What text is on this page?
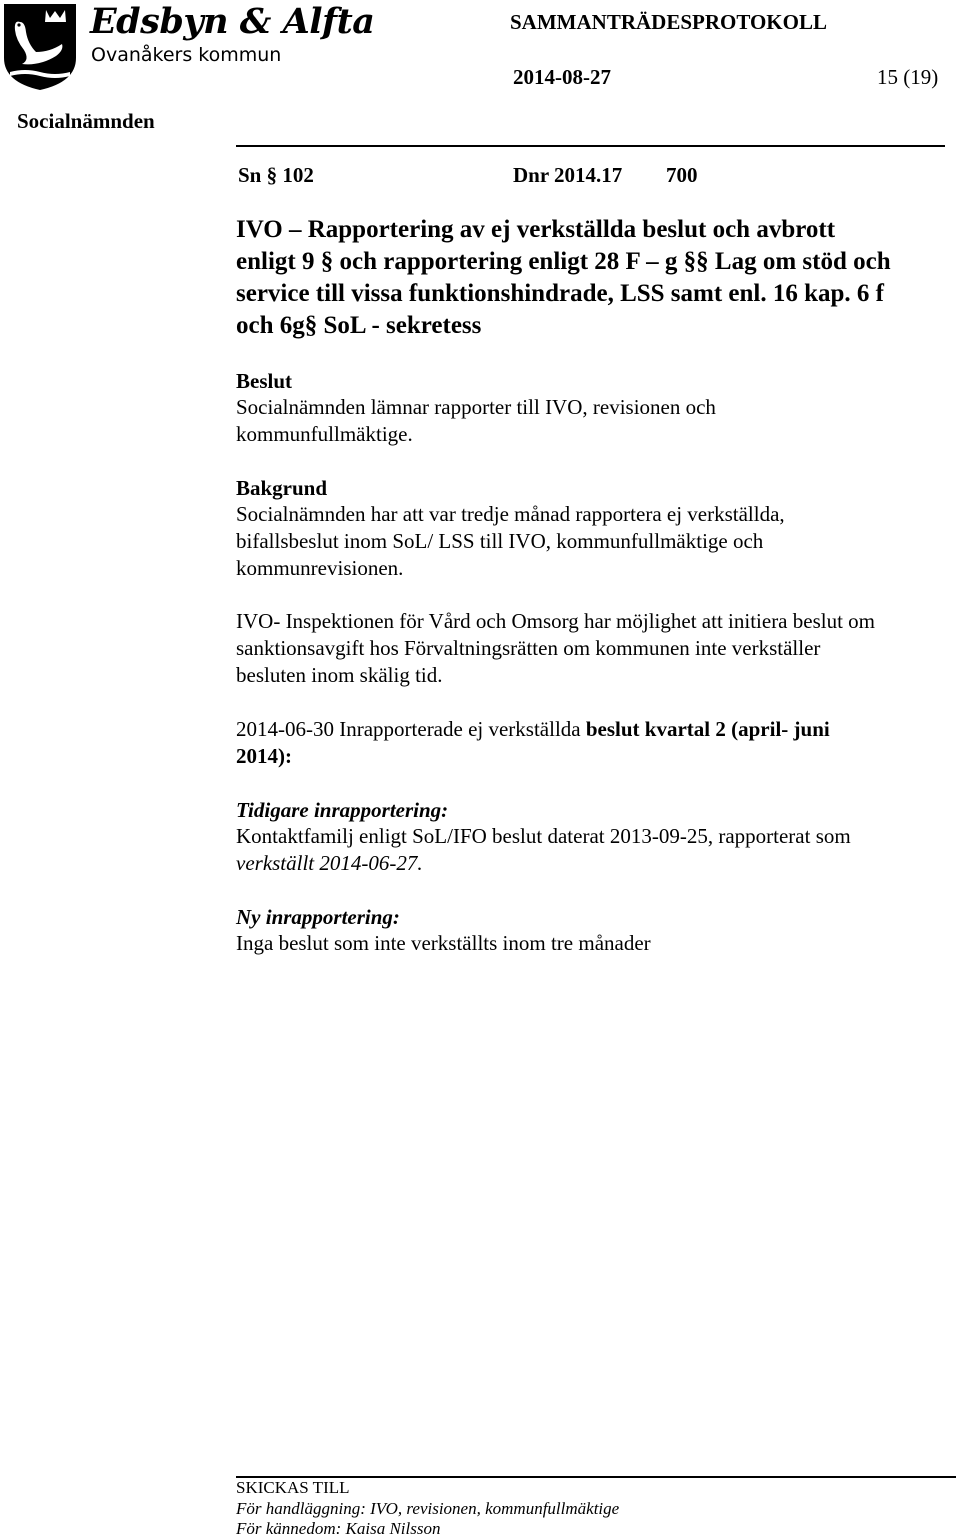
Edsbyn & Alfta
Ovanåkers kommun
SAMMANTRÄDESPROTOKOLL
2014-08-27	15 (19)
Socialnämnden
Sn § 102	Dnr 2014.17 700
IVO – Rapportering av ej verkställda beslut och avbrott
enligt 9 § och rapportering enligt 28 F – g §§ Lag om stöd och
service till vissa funktionshindrade, LSS samt enl. 16 kap. 6 f
och 6g§ SoL - sekretess
Beslut
Socialnämnden lämnar rapporter till IVO, revisionen och
kommunfullmäktige.
Bakgrund
Socialnämnden har att var tredje månad rapportera ej verkställda,
bifallsbeslut inom SoL/ LSS till IVO, kommunfullmäktige och
kommunrevisionen.
IVO- Inspektionen för Vård och Omsorg har möjlighet att initiera beslut om
sanktionsavgift hos Förvaltningsrätten om kommunen inte verkställer
besluten inom skälig tid.
2014-06-30 Inrapporterade ej verkställda beslut kvartal 2 (april- juni
2014):
Tidigare inrapportering:
Kontaktfamilj enligt SoL/IFO beslut daterat 2013-09-25, rapporterat som
verkställt 2014-06-27.
Ny inrapportering:
Inga beslut som inte verkställts inom tre månader
SKICKAS TILL
För handläggning: IVO, revisionen, kommunfullmäktige
För kännedom: Kaisa Nilsson
